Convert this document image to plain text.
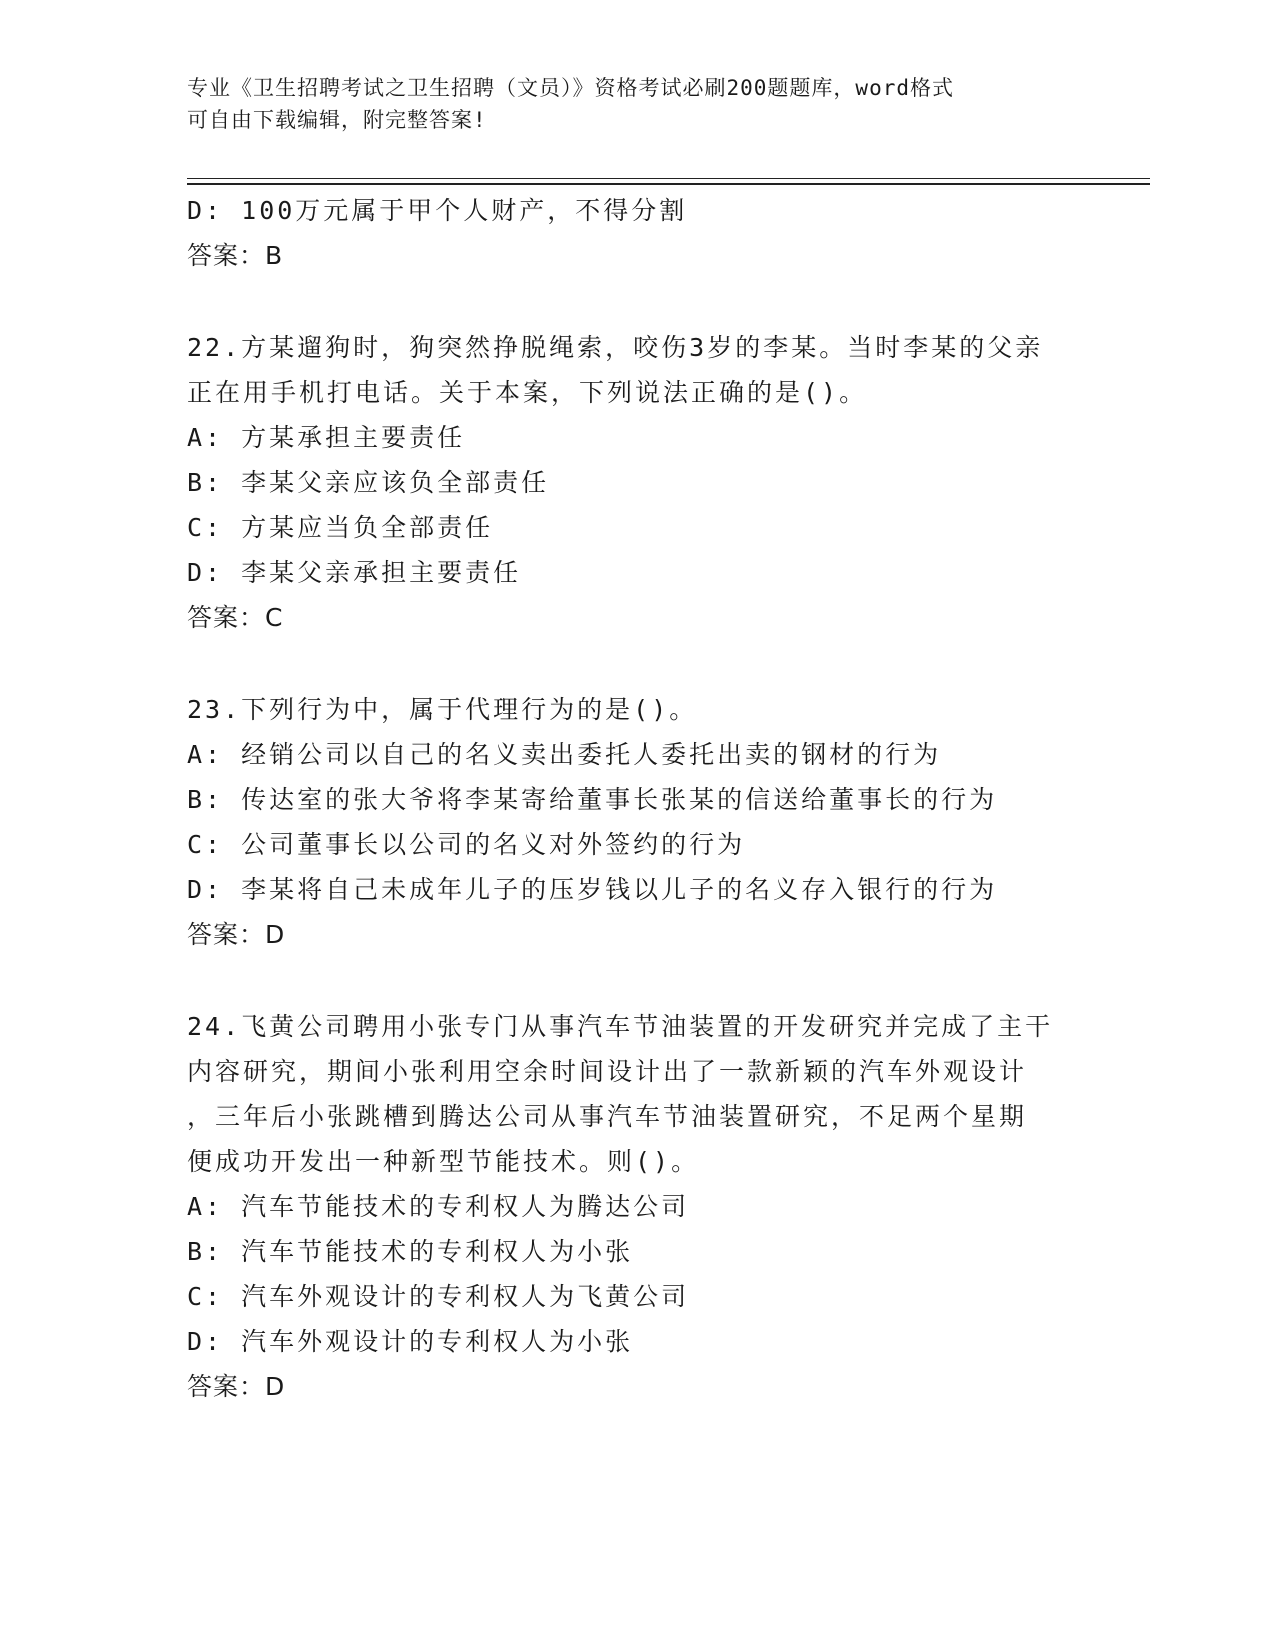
专业《卫生招聘考试之卫生招聘（文员）》资格考试必刷200题题库，word格式
可自由下载编辑，附完整答案!
D: 100万元属于甲个人财产，不得分割
答案：B
22.方某遛狗时，狗突然挣脱绳索，咬伤3岁的李某。当时李某的父亲
正在用手机打电话。关于本案，下列说法正确的是()。
A: 方某承担主要责任
B: 李某父亲应该负全部责任
C: 方某应当负全部责任
D: 李某父亲承担主要责任
答案：C
23.下列行为中，属于代理行为的是()。
A: 经销公司以自己的名义卖出委托人委托出卖的钢材的行为
B: 传达室的张大爷将李某寄给董事长张某的信送给董事长的行为
C: 公司董事长以公司的名义对外签约的行为
D: 李某将自己未成年儿子的压岁钱以儿子的名义存入银行的行为
答案：D
24.飞黄公司聘用小张专门从事汽车节油装置的开发研究并完成了主干
内容研究，期间小张利用空余时间设计出了一款新颖的汽车外观设计
，三年后小张跳槽到腾达公司从事汽车节油装置研究，不足两个星期
便成功开发出一种新型节能技术。则()。
A: 汽车节能技术的专利权人为腾达公司
B: 汽车节能技术的专利权人为小张
C: 汽车外观设计的专利权人为飞黄公司
D: 汽车外观设计的专利权人为小张
答案：D
